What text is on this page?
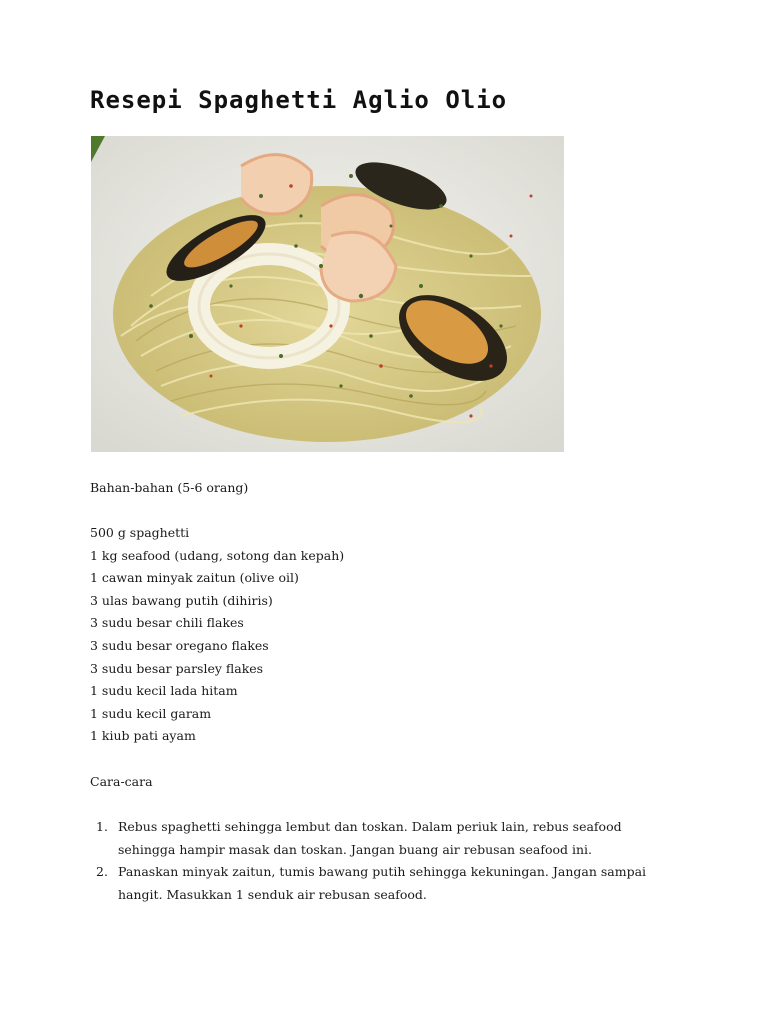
Resepi Spaghetti Aglio Olio
Bahan-bahan (5-6 orang)
500 g spaghetti
1 kg seafood (udang, sotong dan kepah)
1 cawan minyak zaitun (olive oil)
3 ulas bawang putih (dihiris)
3 sudu besar chili flakes
3 sudu besar oregano flakes
3 sudu besar parsley flakes
1 sudu kecil lada hitam
1 sudu kecil garam
1 kiub pati ayam
Cara-cara
1. Rebus spaghetti sehingga lembut dan toskan. Dalam periuk lain, rebus seafood sehingga hampir masak dan toskan. Jangan buang air rebusan seafood ini.
2. Panaskan minyak zaitun, tumis bawang putih sehingga kekuningan. Jangan sampai hangit. Masukkan 1 senduk air rebusan seafood.
